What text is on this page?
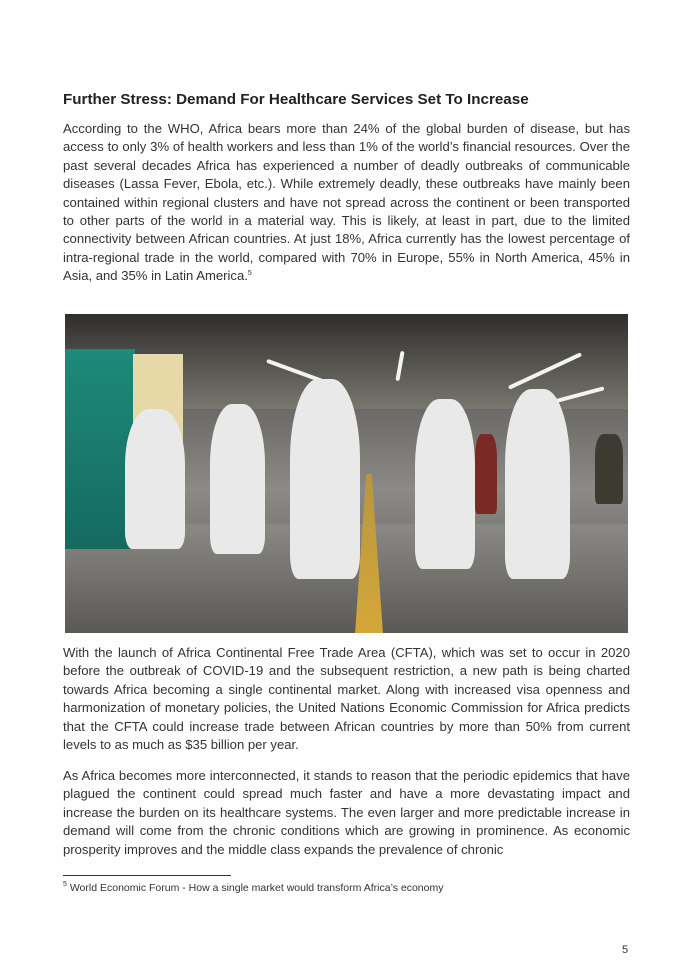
Further Stress: Demand For Healthcare Services Set To Increase

According to the WHO, Africa bears more than 24% of the global burden of disease, but has access to only 3% of health workers and less than 1% of the world’s financial resources. Over the past several decades Africa has experienced a number of deadly outbreaks of communicable diseases (Lassa Fever, Ebola, etc.). While extremely deadly, these outbreaks have mainly been contained within regional clusters and have not spread across the continent or been transported to other parts of the world in a material way. This is likely, at least in part, due to the limited connectivity between African countries. At just 18%, Africa currently has the lowest percentage of intra-regional trade in the world, compared with 70% in Europe, 55% in North America, 45% in Asia, and 35% in Latin America.$^5$

With the launch of Africa Continental Free Trade Area (CFTA), which was set to occur in 2020 before the outbreak of COVID-19 and the subsequent restriction, a new path is being charted towards Africa becoming a single continental market. Along with increased visa openness and harmonization of monetary policies, the United Nations Economic Commission for Africa predicts that the CFTA could increase trade between African countries by more than 50% from current levels to as much as $35 billion per year.

As Africa becomes more interconnected, it stands to reason that the periodic epidemics that have plagued the continent could spread much faster and have a more devastating impact and increase the burden on its healthcare systems. The even larger and more predictable increase in demand will come from the chronic conditions which are growing in prominence. As economic prosperity improves and the middle class expands the prevalence of chronic

$^5$ World Economic Forum - How a single market would transform Africa’s economy
5
